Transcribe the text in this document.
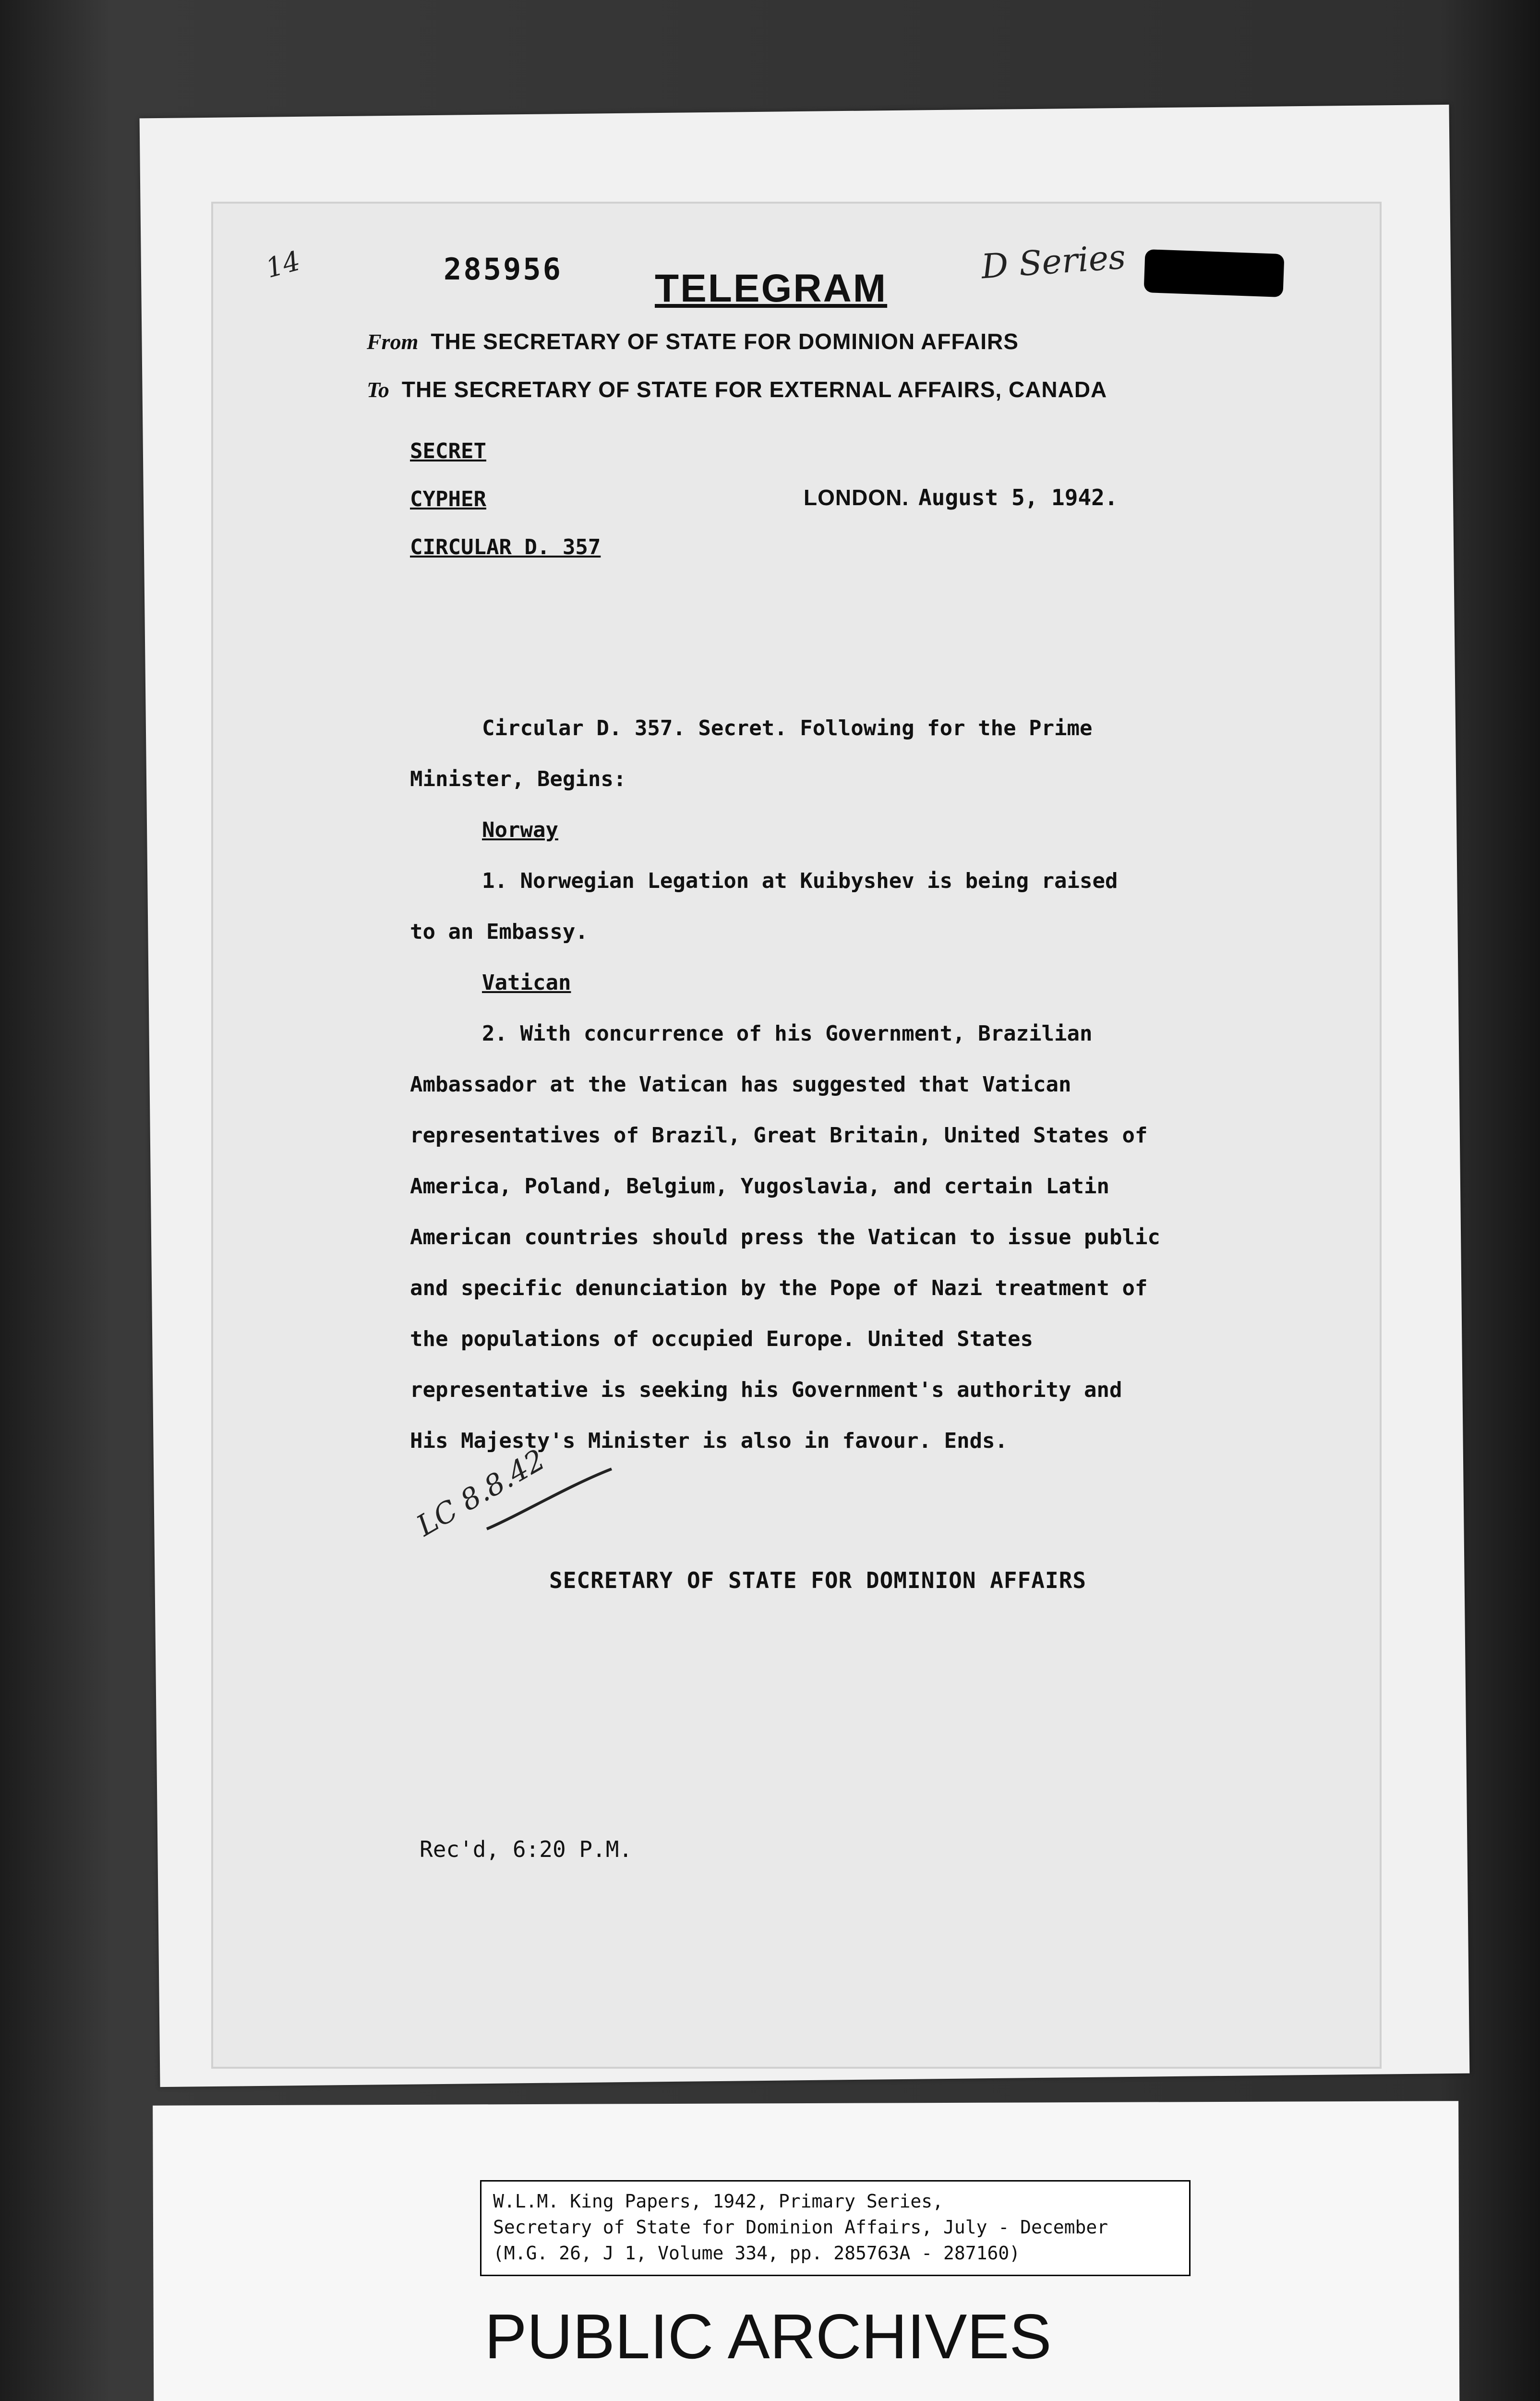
14	285956 TELEGRAM
D Series
From THE SECRETARY OF STATE FOR DOMINION AFFAIRS
To THE SECRETARY OF STATE FOR EXTERNAL AFFAIRS, CANADA
SECRET
CYPHER
CIRCULAR D. 357
LONDON. August 5, 1942.

Circular D. 357. Secret. Following for the Prime

Minister, Begins:

Norway

1. Norwegian Legation at Kuibyshev is being raised

to an Embassy.

Vatican

2. With concurrence of his Government, Brazilian

Ambassador at the Vatican has suggested that Vatican

representatives of Brazil, Great Britain, United States of

America, Poland, Belgium, Yugoslavia, and certain Latin

American countries should press the Vatican to issue public

and specific denunciation by the Pope of Nazi treatment of

the populations of occupied Europe. United States

representative is seeking his Government's authority and

His Majesty's Minister is also in favour. Ends.

LC 8.8.42
SECRETARY OF STATE FOR DOMINION AFFAIRS
Rec'd, 6:20 P.M.
W.L.M. King Papers, 1942, Primary Series,
Secretary of State for Dominion Affairs, July - December
(M.G. 26, J 1, Volume 334, pp. 285763A - 287160)
PUBLIC ARCHIVES
